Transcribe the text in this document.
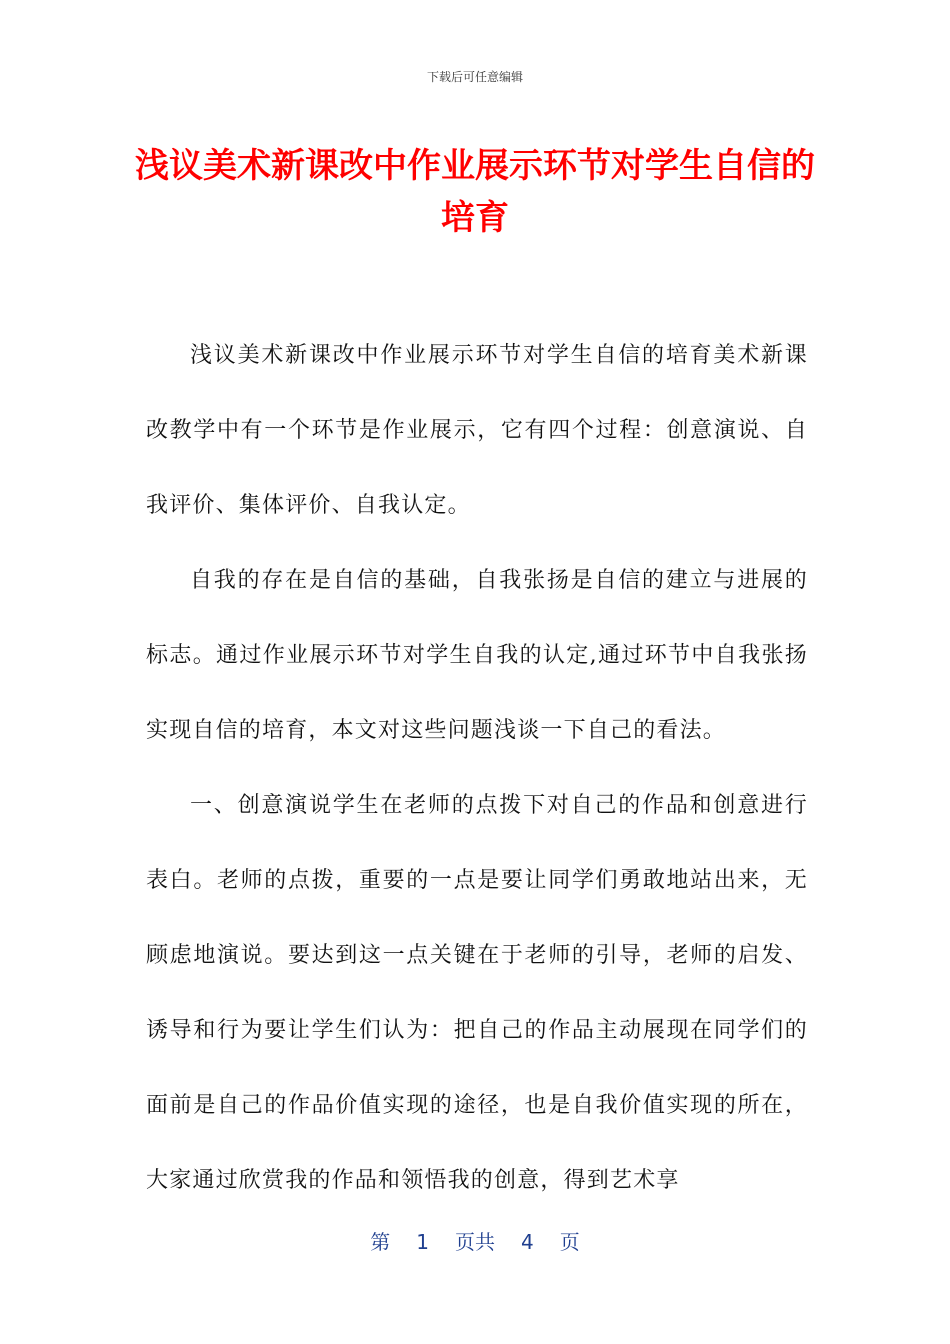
下载后可任意编辑
浅议美术新课改中作业展示环节对学生自信的培育

浅议美术新课改中作业展示环节对学生自信的培育美术新课改教学中有一个环节是作业展示，它有四个过程：创意演说、自我评价、集体评价、自我认定。

自我的存在是自信的基础，自我张扬是自信的建立与进展的标志。通过作业展示环节对学生自我的认定,通过环节中自我张扬实现自信的培育，本文对这些问题浅谈一下自己的看法。

一、创意演说学生在老师的点拨下对自己的作品和创意进行表白。老师的点拨，重要的一点是要让同学们勇敢地站出来，无顾虑地演说。要达到这一点关键在于老师的引导，老师的启发、诱导和行为要让学生们认为：把自己的作品主动展现在同学们的面前是自己的作品价值实现的途径，也是自我价值实现的所在，大家通过欣赏我的作品和领悟我的创意，得到艺术享

第 1 页共 4 页
